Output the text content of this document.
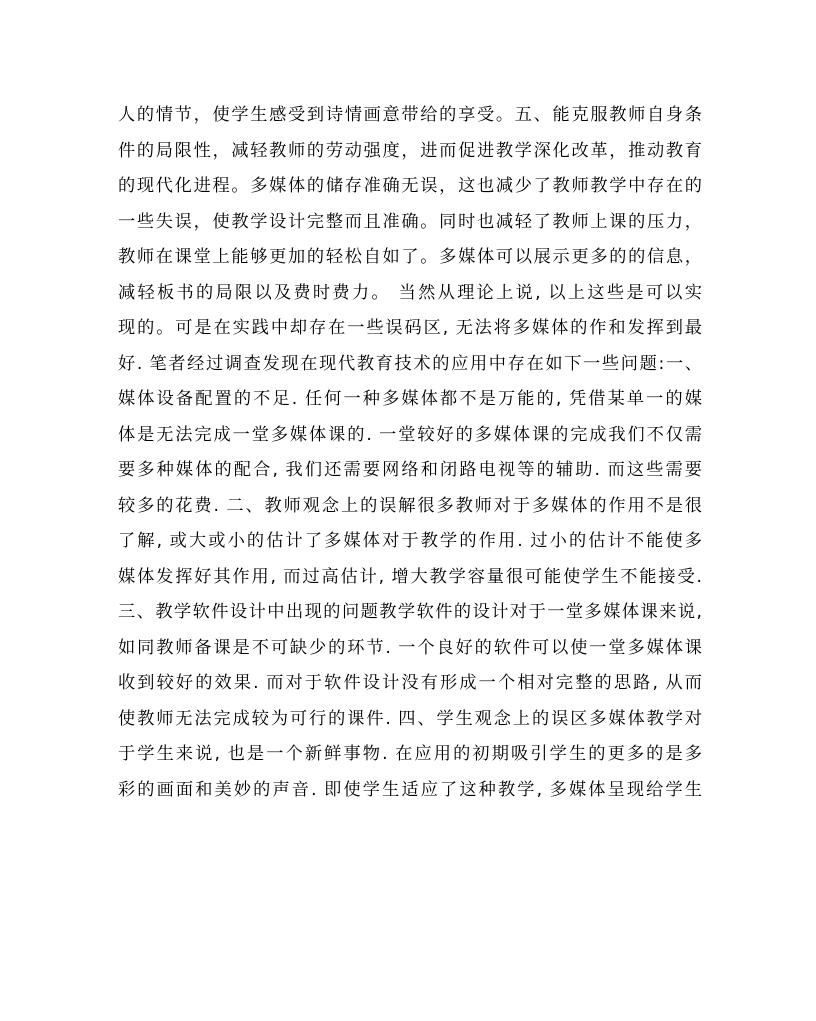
人的情节，使学生感受到诗情画意带给的享受。五、能克服教师自身条
件的局限性，减轻教师的劳动强度，进而促进教学深化改革，推动教育
的现代化进程。多媒体的储存准确无误，这也减少了教师教学中存在的
一些失误，使教学设计完整而且准确。同时也减轻了教师上课的压力，
教师在课堂上能够更加的轻松自如了。多媒体可以展示更多的的信息，
减轻板书的局限以及费时费力。 当然从理论上说, 以上这些是可以实
现的。可是在实践中却存在一些误码区, 无法将多媒体的作和发挥到最
好. 笔者经过调查发现在现代教育技术的应用中存在如下一些问题:一、
媒体设备配置的不足. 任何一种多媒体都不是万能的, 凭借某单一的媒
体是无法完成一堂多媒体课的. 一堂较好的多媒体课的完成我们不仅需
要多种媒体的配合, 我们还需要网络和闭路电视等的辅助. 而这些需要
较多的花费. 二、教师观念上的误解很多教师对于多媒体的作用不是很
了解, 或大或小的估计了多媒体对于教学的作用. 过小的估计不能使多
媒体发挥好其作用, 而过高估计, 增大教学容量很可能使学生不能接受.
三、教学软件设计中出现的问题教学软件的设计对于一堂多媒体课来说,
如同教师备课是不可缺少的环节. 一个良好的软件可以使一堂多媒体课
收到较好的效果. 而对于软件设计没有形成一个相对完整的思路, 从而
使教师无法完成较为可行的课件. 四、学生观念上的误区多媒体教学对
于学生来说, 也是一个新鲜事物. 在应用的初期吸引学生的更多的是多
彩的画面和美妙的声音. 即使学生适应了这种教学, 多媒体呈现给学生
